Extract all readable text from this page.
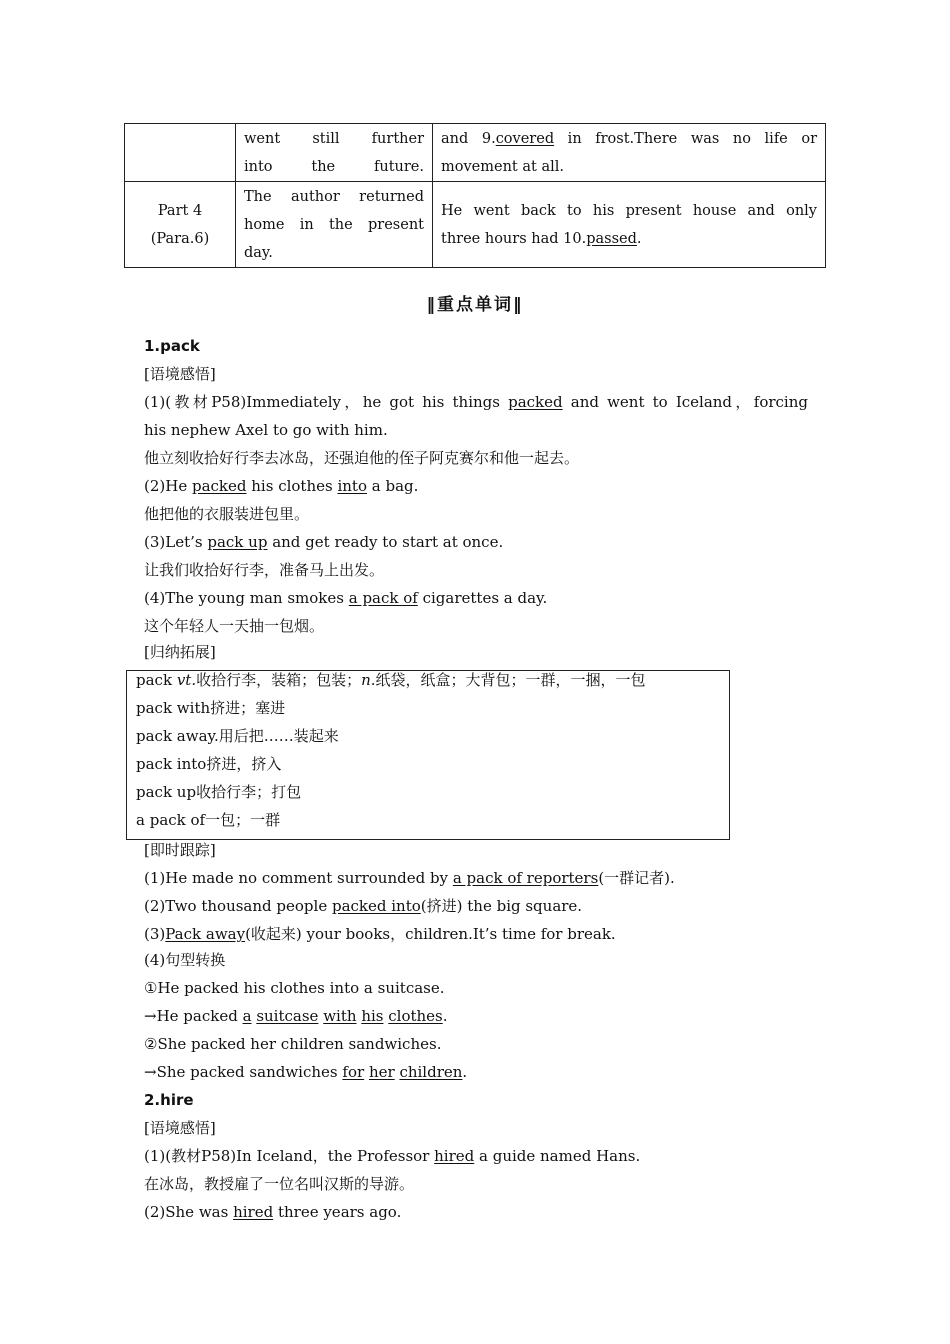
	went still further
into the future.	and 9.covered in frost.There was no life or
movement at all.

Part 4
(Para.6)	The author returned
home in the present
day.	He went back to his present house and only
three hours had 10.passed.
‖重点单词‖
1.pack
[语境感悟]
(1)(教材P58)Immediately，he got his things packed and went to Iceland，forcing
his nephew Axel to go with him.
他立刻收拾好行李去冰岛，还强迫他的侄子阿克赛尔和他一起去。
(2)He packed his clothes into a bag.
他把他的衣服装进包里。
(3)Let’s pack up and get ready to start at once.
让我们收拾好行李，准备马上出发。
(4)The young man smokes a pack of cigarettes a day.
这个年轻人一天抽一包烟。
[归纳拓展]
[即时跟踪]
(1)He made no comment surrounded by a pack of reporters(一群记者).
(2)Two thousand people packed into(挤进) the big square.
(3)Pack away(收起来) your books，children.It’s time for break.
(4)句型转换
①He packed his clothes into a suitcase.
→He packed a suitcase with his clothes.
②She packed her children sandwiches.
→She packed sandwiches for her children.
2.hire
[语境感悟]
(1)(教材P58)In Iceland，the Professor hired a guide named Hans.
在冰岛，教授雇了一位名叫汉斯的导游。
(2)She was hired three years ago.
pack vt.收拾行李，装箱；包装；n.纸袋，纸盒；大背包；一群，一捆，一包
pack with挤进；塞进
pack away.用后把……装起来
pack into挤进，挤入
pack up收拾行李；打包
a pack of一包；一群
